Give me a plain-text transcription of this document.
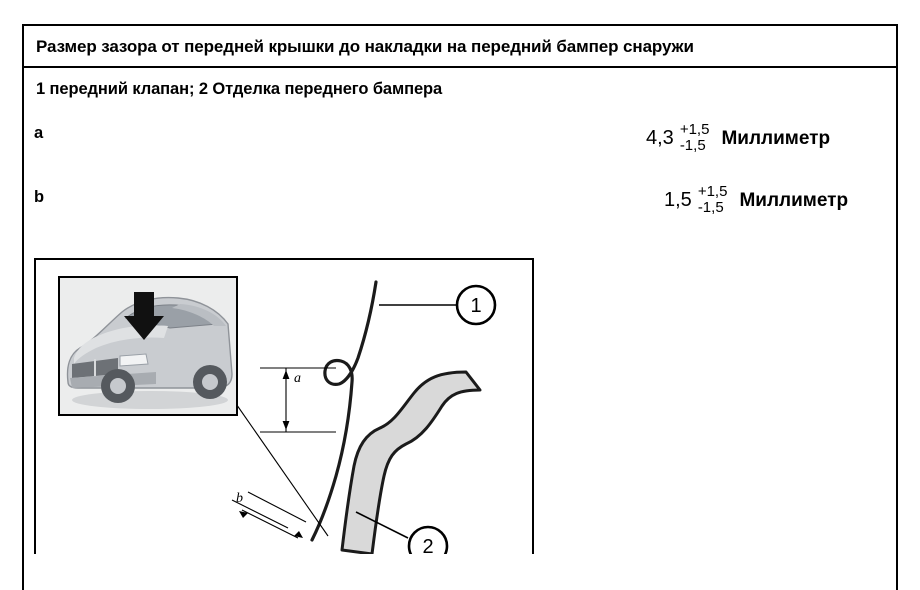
Размер зазора от передней крышки до накладки на передний бампер снаружи
1 передний клапан; 2 Отделка переднего бампера
a	4,3 +1,5
-1,5 Миллиметр
b	1,5 +1,5
-1,5 Миллиметр
a
b
1
2
